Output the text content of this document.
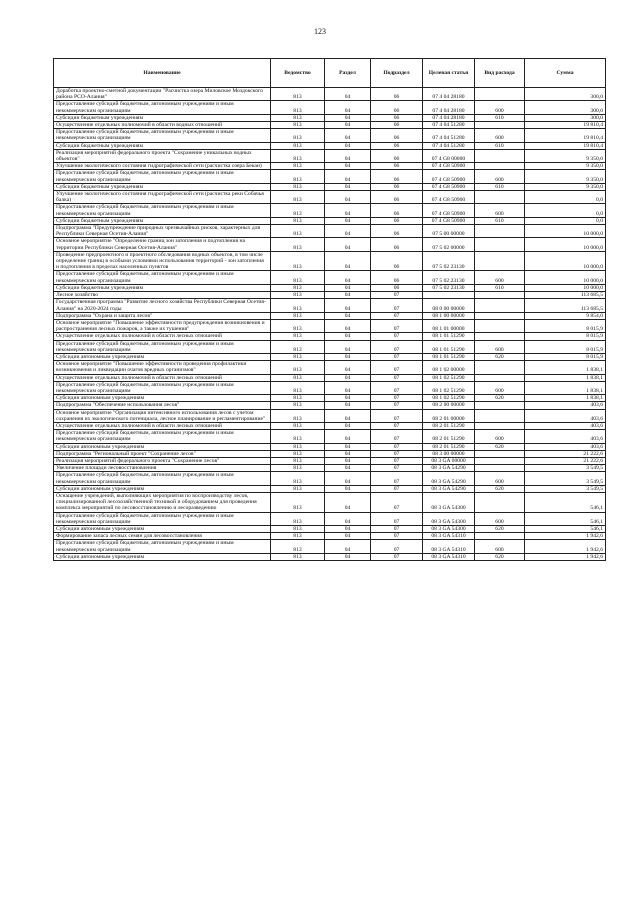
123
Наименование	Ведомство	Раздел	Подраздел	Целевая статья	Вид расхода	Сумма
Доработка проектно-сметной документации "Расчистка озера Миловское Моздокского района РСО-Алания"	813	04	06	07 4 04 28180		300,0
Предоставление субсидий бюджетным, автономным учреждениям и иным некоммерческим организациям	813	04	06	07 4 04 28180	600	300,0
Субсидии бюджетным учреждениям	813	04	06	07 4 04 28180	610	300,0
Осуществление отдельных полномочий в области водных отношений	813	04	06	07 4 04 51280		19 810,4
Предоставление субсидий бюджетным, автономным учреждениям и иным некоммерческим организациям	813	04	06	07 4 04 51280	600	19 810,4
Субсидии бюджетным учреждениям	813	04	06	07 4 04 51280	610	19 810,4
Реализация мероприятий федерального проекта "Сохранение уникальных водных объектов"	813	04	06	07 4 G8 00000		9 350,0
Улучшение экологического состояния гидрографической сети (расчистка озера Бекан)	813	04	06	07 4 G8 50900		9 350,0
Предоставление субсидий бюджетным, автономным учреждениям и иным некоммерческим организациям	813	04	06	07 4 G8 50900	600	9 350,0
Субсидии бюджетным учреждениям	813	04	06	07 4 G8 50900	610	9 350,0
Улучшение экологического состояния гидрографической сети (расчистка реки Собачья балка)	813	04	06	07 4 G8 50900		0,0
Предоставление субсидий бюджетным, автономным учреждениям и иным некоммерческим организациям	813	04	06	07 4 G8 50900	600	0,0
Субсидии бюджетным учреждениям	813	04	06	07 4 G8 50900	610	0,0
Подпрограмма "Предупреждение природных чрезвычайных рисков, характерных для Республики Северная Осетия-Алания"	813	04	06	07 5 00 00000		10 000,0
Основное мероприятие "Определение границ зон затопления и подтопления на территории Республики Северная Осетия-Алания"	813	04	06	07 5 02 00000		10 000,0
Проведение предпроектного и проектного обследования водных объектов, в том числе определение границ в особыми условиями использования территорий - зон затопления и подтопления в пределах населенных пунктов	813	04	06	07 5 02 23130		10 000,0
Предоставление субсидий бюджетным, автономным учреждениям и иным некоммерческим организациям	813	04	06	07 5 02 23130	600	10 000,0
Субсидии бюджетным учреждениям	813	04	06	07 5 02 23130	610	10 000,0
Лесное хозяйство	813	04	07			113 685,5
Государственная программа "Развитие лесного хозяйства Республики Северная Осетия-Алания" на 2020-2024 годы	813	04	07	08 0 00 00000		113 685,5
Подпрограмма "Охрана и защита лесов"	813	04	07	08 1 00 00000		9 854,0
Основное мероприятие "Повышение эффективности предупреждения возникновения и распространения лесных пожаров, а также их тушения"	813	04	07	08 1 01 00000		8 015,9
Осуществление отдельных полномочий в области лесных отношений	813	04	07	08 1 01 51290		8 015,9
Предоставление субсидий бюджетным, автономным учреждениям и иным некоммерческим организациям	813	04	07	08 1 01 51290	600	8 015,9
Субсидии автономным учреждениям	813	04	07	08 1 01 51290	620	8 015,9
Основное мероприятие "Повышение эффективности проведения профилактики возникновения и ликвидации очагов вредных организмов"	813	04	07	08 1 02 00000		1 838,1
Осуществление отдельных полномочий в области лесных отношений	813	04	07	08 1 02 51290		1 838,1
Предоставление субсидий бюджетным, автономным учреждениям и иным некоммерческим организациям	813	04	07	08 1 02 51290	600	1 838,1
Субсидии автономным учреждениям	813	04	07	08 1 02 51290	620	1 838,1
Подпрограмма "Обеспечение использования лесов"	813	04	07	08 2 00 00000		403,6
Основное мероприятие "Организация интенсивного использования лесов с учетом сохранения их экологического потенциала, лесное планирование и регламентирование"	813	04	07	08 2 01 00000		403,6
Осуществление отдельных полномочий в области лесных отношений	813	04	07	08 2 01 51290		403,6
Предоставление субсидий бюджетным, автономным учреждениям и иным некоммерческим организациям	813	04	07	08 2 01 51290	600	403,6
Субсидии автономным учреждениям	813	04	07	08 2 01 51290	620	403,6
Подпрограмма "Региональный проект "Сохранение лесов"	813	04	07	08 3 00 00000		21 222,6
Реализация мероприятий федерального проекта "Сохранение лесов"	813	04	07	08 3 GA 00000		21 222,6
Увеличение площади лесовосстановления	813	04	07	08 3 GA 54290		3 549,5
Предоставление субсидий бюджетным, автономным учреждениям и иным некоммерческим организациям	813	04	07	08 3 GA 54290	600	3 549,5
Субсидии автономным учреждениям	813	04	07	08 3 GA 54290	620	3 549,5
Оснащение учреждений, выполняющих мероприятия по воспроизводству лесов, специализированной лесохозяйственной техникой и оборудованием для проведения комплекса мероприятий по лесовосстановлению и лесоразведению	813	04	07	08 3 GA 54300		546,1
Предоставление субсидий бюджетным, автономным учреждениям и иным некоммерческим организациям	813	04	07	08 3 GA 54300	600	546,1
Субсидии автономным учреждениям	813	04	07	08 3 GA 54300	620	546,1
Формирование запаса лесных семян для лесовосстановления	813	04	07	08 3 GA 54310		1 942,6
Предоставление субсидий бюджетным, автономным учреждениям и иным некоммерческим организациям	813	04	07	08 3 GA 54310	600	1 942,6
Субсидии автономным учреждениям	813	04	07	08 3 GA 54310	620	1 942,6
